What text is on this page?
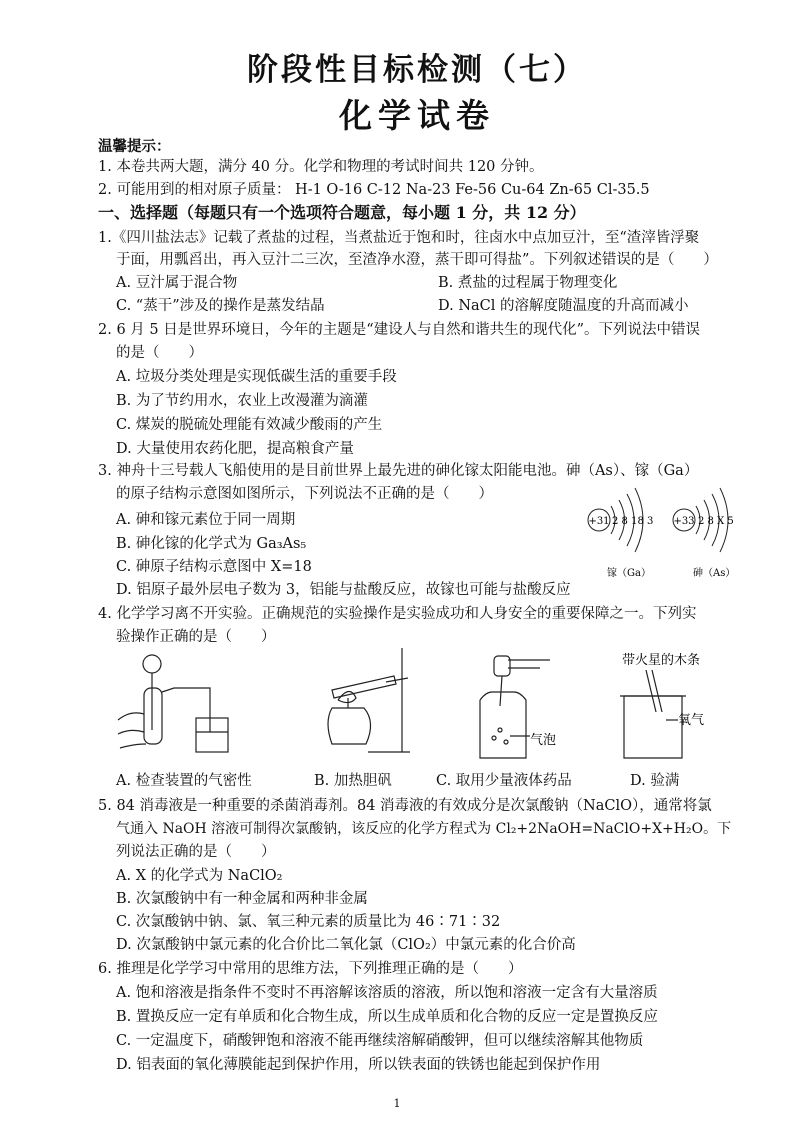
阶段性目标检测（七）
化学试卷
温馨提示：
1. 本卷共两大题，满分 40 分。化学和物理的考试时间共 120 分钟。
2. 可能用到的相对原子质量： H-1 O-16 C-12 Na-23 Fe-56 Cu-64 Zn-65 Cl-35.5
一、选择题（每题只有一个选项符合题意，每小题 1 分，共 12 分）
1.《四川盐法志》记载了煮盐的过程，当煮盐近于饱和时，往卤水中点加豆汁，至“渣滓皆浮聚
于面，用瓢舀出，再入豆汁二三次，至渣净水澄，蒸干即可得盐”。下列叙述错误的是（　　）
A. 豆汁属于混合物	B. 煮盐的过程属于物理变化
C. “蒸干”涉及的操作是蒸发结晶	D. NaCl 的溶解度随温度的升高而减小
2. 6 月 5 日是世界环境日，今年的主题是“建设人与自然和谐共生的现代化”。下列说法中错误
的是（　　）
A. 垃圾分类处理是实现低碳生活的重要手段
B. 为了节约用水，农业上改漫灌为滴灌
C. 煤炭的脱硫处理能有效减少酸雨的产生
D. 大量使用农药化肥，提高粮食产量
3. 神舟十三号载人飞船使用的是目前世界上最先进的砷化镓太阳能电池。砷（As）、镓（Ga）
的原子结构示意图如图所示，下列说法不正确的是（　　）
A. 砷和镓元素位于同一周期
B. 砷化镓的化学式为 Ga₃As₅
C. 砷原子结构示意图中 X=18
D. 铝原子最外层电子数为 3，铝能与盐酸反应，故镓也可能与盐酸反应
+31 2 8 18 3
镓（Ga）
+33 2 8 X 5
砷（As）
4. 化学学习离不开实验。正确规范的实验操作是实验成功和人身安全的重要保障之一。下列实
验操作正确的是（　　）
气泡
带火星的木条
氧气
A. 检查装置的气密性	B. 加热胆矾	C. 取用少量液体药品	D. 验满
5. 84 消毒液是一种重要的杀菌消毒剂。84 消毒液的有效成分是次氯酸钠（NaClO），通常将氯
气通入 NaOH 溶液可制得次氯酸钠，该反应的化学方程式为 Cl₂+2NaOH=NaClO+X+H₂O。下
列说法正确的是（　　）
A. X 的化学式为 NaClO₂
B. 次氯酸钠中有一种金属和两种非金属
C. 次氯酸钠中钠、氯、氧三种元素的质量比为 46∶71∶32
D. 次氯酸钠中氯元素的化合价比二氧化氯（ClO₂）中氯元素的化合价高
6. 推理是化学学习中常用的思维方法，下列推理正确的是（　　）
A. 饱和溶液是指条件不变时不再溶解该溶质的溶液，所以饱和溶液一定含有大量溶质
B. 置换反应一定有单质和化合物生成，所以生成单质和化合物的反应一定是置换反应
C. 一定温度下，硝酸钾饱和溶液不能再继续溶解硝酸钾，但可以继续溶解其他物质
D. 铝表面的氧化薄膜能起到保护作用，所以铁表面的铁锈也能起到保护作用
1
